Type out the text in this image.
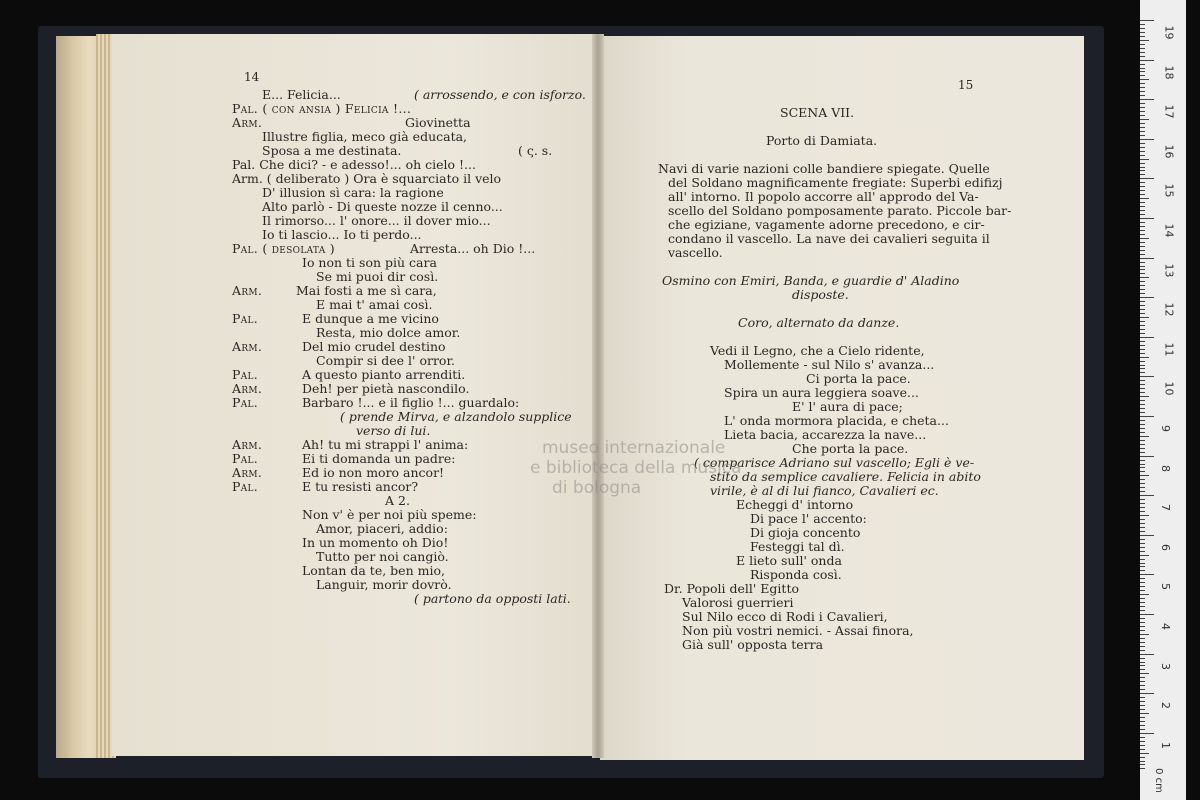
14
15
E... Felicia...	( arrossendo, e con isforzo.
Pal. ( con ansia ) Felicia !...
Arm.	Giovinetta
Illustre figlia, meco già educata,
Sposa a me destinata.	( ς. s.
Pal. Che dici? - e adesso!... oh cielo !...
Arm. ( deliberato ) Ora è squarciato il velo
D' illusion sì cara: la ragione
Alto parlò - Di queste nozze il cenno...
Il rimorso... l' onore... il dover mio...
Io ti lascio... Io ti perdo...
Pal. ( desolata )	Arresta... oh Dio !...
Io non ti son più cara
Se mi puoi dir così.
Arm.	Mai fosti a me sì cara,
E mai t' amai così.
Pal.	E dunque a me vicino
Resta, mio dolce amor.
Arm.	Del mio crudel destino
Compir si dee l' orror.
Pal.	A questo pianto arrenditi.
Arm.	Deh! per pietà nascondilo.
Pal.	Barbaro !... e il figlio !... guardalo:
( prende Mirva, e alzandolo supplice
verso di lui.
Arm.	Ah! tu mi strappi l' anima:
Pal.	Ei ti domanda un padre:
Arm.	Ed io non moro ancor!
Pal.	E tu resisti ancor?
A 2.
Non v' è per noi più speme:
Amor, piaceri, addio:
In un momento oh Dio!
Tutto per noi cangiò.
Lontan da te, ben mio,
Languir, morir dovrò.
( partono da opposti lati.
SCENA VII.
Porto di Damiata.
Navi di varie nazioni colle bandiere spiegate. Quelle
del Soldano magnificamente fregiate: Superbi edifizj
all' intorno. Il popolo accorre all' approdo del Va-
scello del Soldano pomposamente parato. Piccole bar-
che egiziane, vagamente adorne precedono, e cir-
condano il vascello. La nave dei cavalieri seguita il
vascello.
Osmino con Emiri, Banda, e guardie d' Aladino
disposte.
Coro, alternato da danze.
Vedi il Legno, che a Cielo ridente,
Mollemente - sul Nilo s' avanza...
Ci porta la pace.
Spira un aura leggiera soave...
E' l' aura di pace;
L' onda mormora placida, e cheta...
Lieta bacia, accarezza la nave...
Che porta la pace.
( comparisce Adriano sul vascello; Egli è ve-
stito da semplice cavaliere. Felicia in abito
virile, è al di lui fianco, Cavalieri ec.
Echeggi d' intorno
Di pace l' accento:
Di gioja concento
Festeggi tal dì.
E lieto sull' onda
Risponda così.
Dr. Popoli dell' Egitto
Valorosi guerrieri
Sul Nilo ecco di Rodi i Cavalieri,
Non più vostri nemici. - Assai finora,
Già sull' opposta terra
museo internazionale
e biblioteca della musica
di bologna
0 cm
19
18
17
16
15
14
13
12
11
10
9
8
7
6
5
4
3
2
1
